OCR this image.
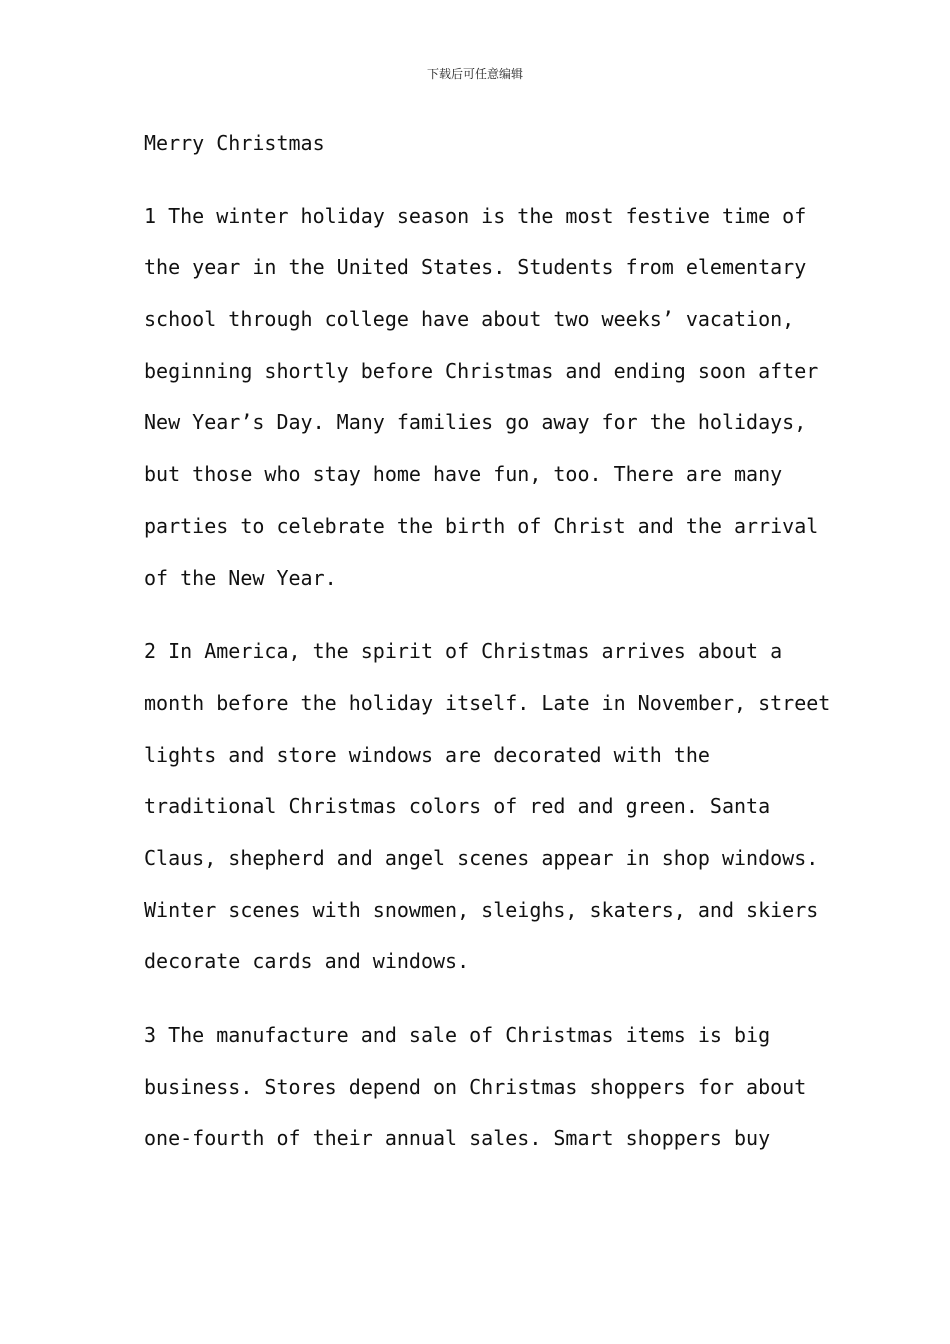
下载后可任意编辑
Merry Christmas
1 The winter holiday season is the most festive time of
the year in the United States. Students from elementary
school through college have about two weeks’ vacation,
beginning shortly before Christmas and ending soon after
New Year’s Day. Many families go away for the holidays,
but those who stay home have fun, too. There are many
parties to celebrate the birth of Christ and the arrival
of the New Year.
2 In America, the spirit of Christmas arrives about a
month before the holiday itself. Late in November, street
lights and store windows are decorated with the
traditional Christmas colors of red and green. Santa
Claus, shepherd and angel scenes appear in shop windows.
Winter scenes with snowmen, sleighs, skaters, and skiers
decorate cards and windows.
3 The manufacture and sale of Christmas items is big
business. Stores depend on Christmas shoppers for about
one-fourth of their annual sales. Smart shoppers buy
